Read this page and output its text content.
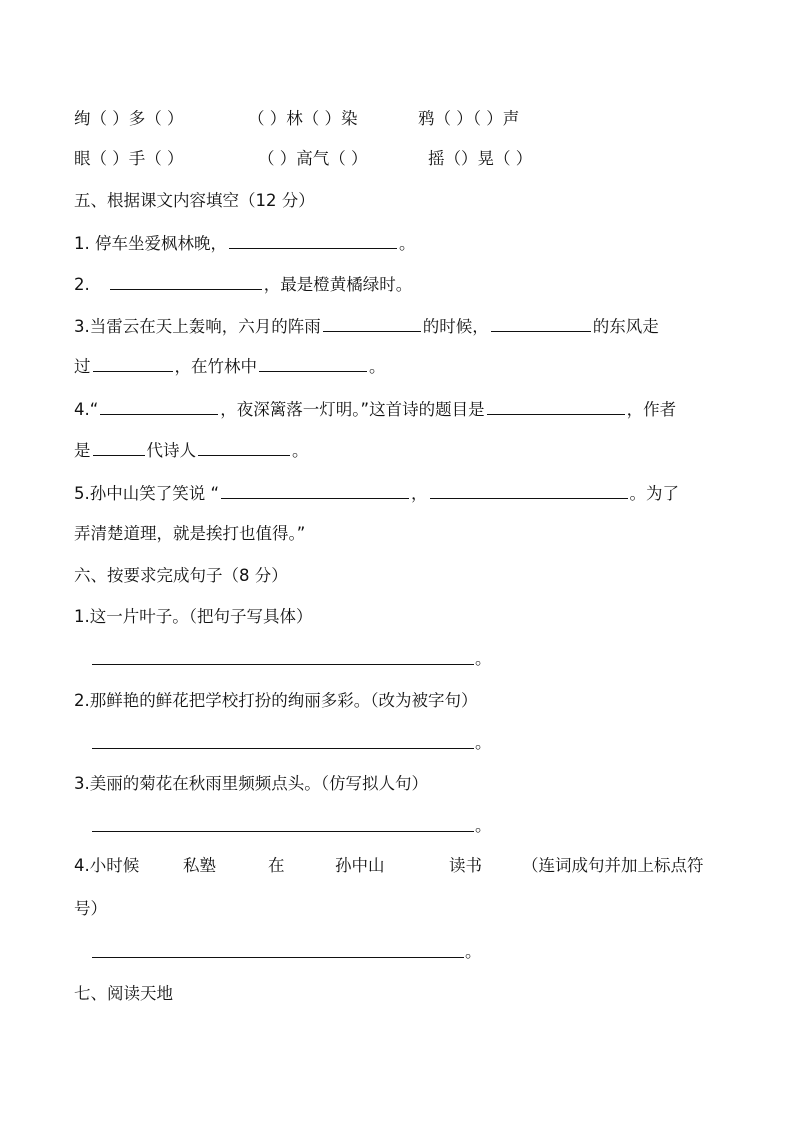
绚（ ）多（ ）	（ ）林（ ）染	鸦（ ）（ ）声
眼（ ）手（ ）	（ ）高气（ ）	摇（）晃（ ）
五、根据课文内容填空（12 分）
1. 停车坐爱枫林晚，	。
2.	，最是橙黄橘绿时。
3.当雷云在天上轰响，六月的阵雨	的时候，	的东风走
过	，在竹林中	。
4.“	，夜深篱落一灯明。”这首诗的题目是	，作者
是	代诗人	。
5.孙中山笑了笑说 “	，	。为了
弄清楚道理，就是挨打也值得。”
六、按要求完成句子（8 分）
1.这一片叶子。（把句子写具体）
。
2.那鲜艳的鲜花把学校打扮的绚丽多彩。（改为被字句）
。
3.美丽的菊花在秋雨里频频点头。（仿写拟人句）
。
4.小时候	私塾	在	孙中山	读书 （连词成句并加上标点符
号）
。
七、阅读天地
